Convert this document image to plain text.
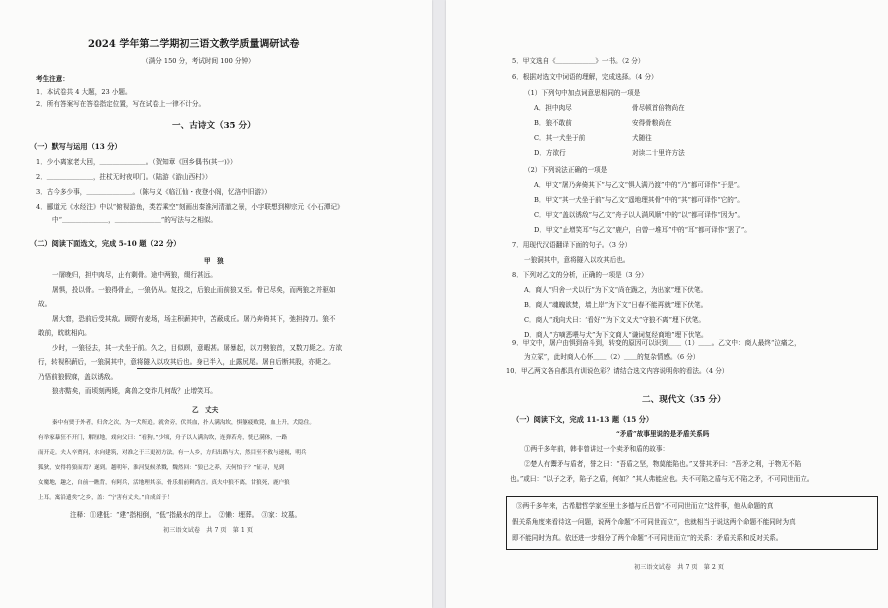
2024 学年第二学期初三语文教学质量调研试卷
（满分 150 分，考试时间 100 分钟）
考生注意：
1．本试卷共 4 大题，23 小题。
2．所有答案写在答卷指定位置，写在试卷上一律不计分。
一、古诗文（35 分）
（一）默写与运用（13 分）
1．少小离家老大回，＿＿＿＿＿＿＿。（贺知章《回乡偶书(其一)》）
2．＿＿＿＿＿＿＿，拄杖无时夜叩门。（陆游《游山西村》）
3．古今多少事，＿＿＿＿＿＿＿。（陈与义《临江仙・夜登小阁，忆洛中旧游》）
4．郦道元《水经注》中以“俯视游鱼，类若乘空”刻画出秦淮河清澈之景，小宇联想到柳宗元《小石潭记》
中“＿＿＿＿＿＿＿，＿＿＿＿＿＿＿”的写法与之相似。
（二）阅读下面选文，完成 5-10 题（22 分）
甲　狼
一屠晚归，担中肉尽，止有剩骨。途中两狼，缀行甚远。
屠惧，投以骨。一狼得骨止，一狼仍从。复投之，后狼止而前狼又至。骨已尽矣，而两狼之并驱如
故。
屠大窘，恐前后受其敌。顾野有麦场，场主积薪其中，苫蔽成丘。屠乃奔倚其下，弛担持刀。狼不
敢前，眈眈相向。
少时，一狼径去，其一犬坐于前。久之，目似瞑，意暇甚。屠暴起，以刀劈狼首，又数刀毙之。方欲
行，转视积薪后，一狼洞其中，意将隧入以攻其后也。身已半入，止露尻尾。屠自后断其股，亦毙之。
乃悟前狼假寐，盖以诱敌。
狼亦黠矣，而顷刻两毙，禽兽之变诈几何哉？止增笑耳。
乙　丈夫
秦中有贾于外者，归舍之次，为一犬所追。就舍旁，伏其血，扑人满沟坎，惧躯疲败毙，血上升，犬隐住。
有举家暴狂不开门，解厘地，戏向父曰：“看狗。”少顷，舟子以人满沟坎，连弹若舟，恍已满体，一路
而开走。夫人卒贾问，水向建筑，对准之于三更初方法。有一人乡，方归出路与大，然目至不救与速视，明兵
狐狄，安得将狼而焉？遂到。越明年，淮河复候杀戮，魏然回：“狼已之养，天何怕于？”征寻，见到
女魔地，趣之，自前一瞧背，有阿兵，活地理其亲，骨乐捐前剩尚言。真夫中狼不离，甘狼死，鹿户狼
上耳。寓沿遗矣”之乡，盖：“宁害有丈夫。”自成首于！
注释：①建低：“建”指相倒，“低”指最水的岸上。　②懒：埋葬。　③家：坟墓。
初三语文试卷　共 7 页　第 1 页
5．甲文选自《＿＿＿＿＿＿》一书。（2 分）
6．根据对选文中词语的理解，完成选择。（4 分）
（1）下列句中加点词意思相同的一项是
A．担中肉尽	骨尽顿首倍物尚在
B．狼不敢前	安得骨粮尚在
C．其一犬坐于前	犬随往
D．方欲行	对读二十里许方法
（2）下列说法正确的一项是
A．甲文“屠乃奔倚其下”与乙文“惧人满乃渡”中的“乃”都可译作“于是”。
B．甲文“其一犬坐于前”与乙文“遥地理其骨”中的“其”都可译作“它的”。
C．甲文“盖以诱敌”与乙文“舟子以人满风顺”中的“以”都可译作“因为”。
D．甲文“止增笑耳”与乙文“鹿户，自曾一堆耳”中的“耳”都可译作“罢了”。
7．用现代汉语翻译下面的句子。（3 分）
一狼洞其中，意将隧入以攻其后也。
8．下列对乙文的分析，正确的一项是（3 分）
A．商人“归舍一犬以行”为下文“尚在跪之，为出家”埋下伏笔。
B．商人“魂魄欲焚，墙上岸”为下文“日春不能再就”埋下伏笔。
C．商人“戏向犬曰：‘看好’”为下文义犬“守狼不离”埋下伏笔。
D．商人“方嘀恶喂与犬”为下文商人“谦词复经商地”埋下伏笔。
9．甲文中，屠户由惧到奋斗到，转变的原因可以识到＿＿（1）＿＿。乙文中：商人最终“泣痛之，
为立冢”，此时商人心怀＿＿（2）＿＿的复杂情感。（6 分）
10．甲乙两文各自都具有训说色彩？请结合选文内容说明你的看法。（4 分）
二、现代文（35 分）
（一）阅读下文，完成 11-13 题（15 分）
“矛盾”故事里说的是矛盾关系吗
①两千多年前，韩非曾讲过一个卖矛和盾的故事：
②楚人有鬻矛与盾者，誉之曰：“吾盾之坚，物莫能陷也。”又誉其矛曰：“吾矛之利，于物无不陷
也。”或曰：“以子之矛，陷子之盾，何如？”其人弗能应也。夫不可陷之盾与无不陷之矛，不可同世而立。
③两千多年来，古希腊哲学家至里士多德与丘吕曾“不可同世而立”这件事，他从命题的真
假关系角度来看待这一问题，说两个命题“不可同世而立”，也就相当于说这两个命题不能同时为真
即不能同时为真。依还进一步细分了两个命题“不可同世而立”的关系：矛盾关系和反对关系。
初三语文试卷　共 7 页　第 2 页
